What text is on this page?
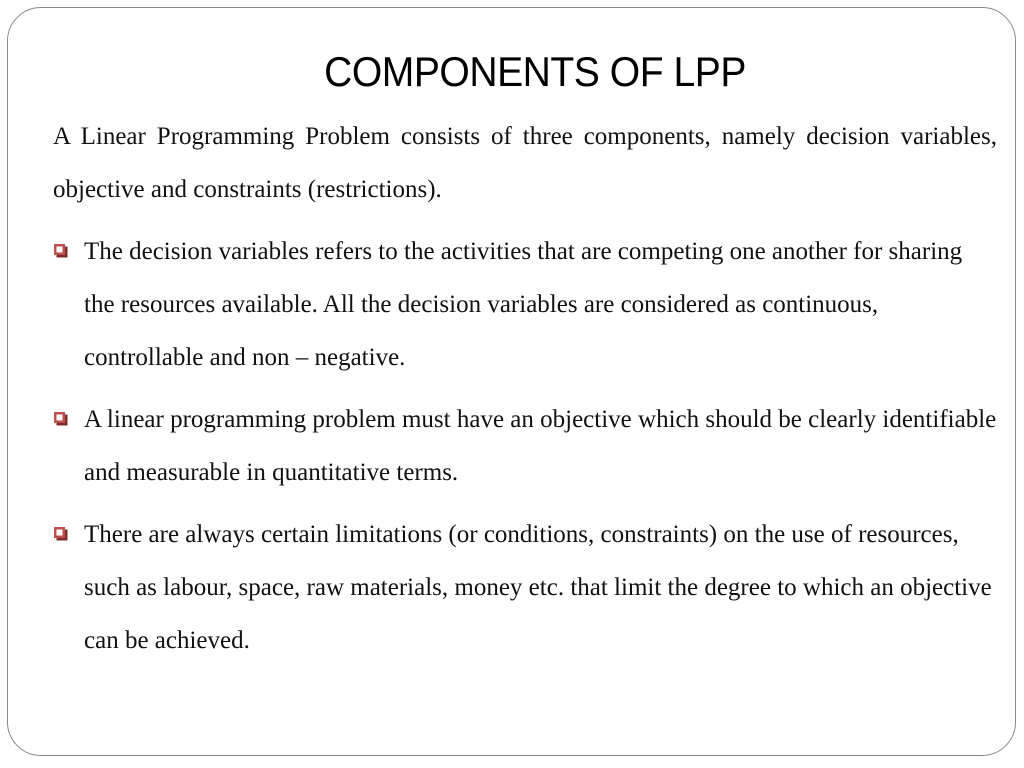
COMPONENTS OF LPP
A Linear Programming Problem consists of three components, namely decision variables, objective and constraints (restrictions).
The decision variables refers to the activities that are competing one another for sharing the resources available. All the decision variables are considered as continuous, controllable and non – negative.
A linear programming problem must have an objective which should be clearly identifiable and measurable in quantitative terms.
There are always certain limitations (or conditions, constraints) on the use of resources, such as labour, space, raw materials, money etc. that limit the degree to which an objective can be achieved.
